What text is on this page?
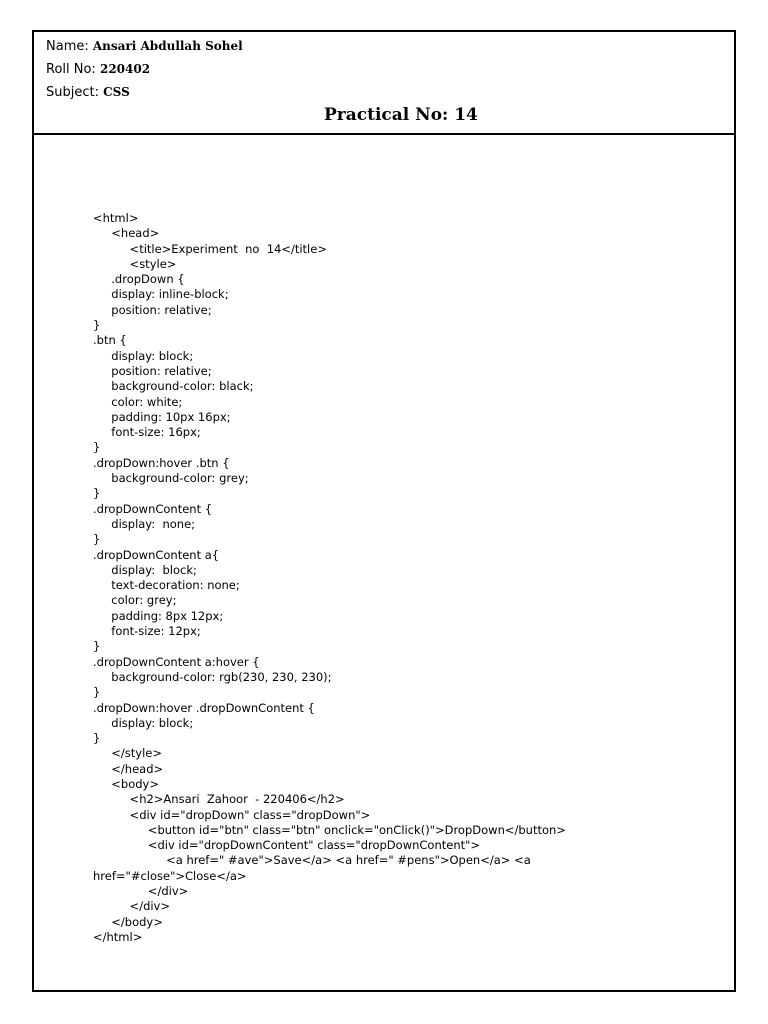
Name: Ansari Abdullah Sohel
Roll No: 220402
Subject: CSS
Practical No: 14
<html>
<head>
<title>Experiment  no  14</title>
<style>
.dropDown {
display: inline-block;
position: relative;
}
.btn {
display: block;
position: relative;
background-color: black;
color: white;
padding: 10px 16px;
font-size: 16px;
}
.dropDown:hover .btn {
background-color: grey;
}
.dropDownContent {
display:  none;
}
.dropDownContent a{
display:  block;
text-decoration: none;
color: grey;
padding: 8px 12px;
font-size: 12px;
}
.dropDownContent a:hover {
background-color: rgb(230, 230, 230);
}
.dropDown:hover .dropDownContent {
display: block;
}
</style>
</head>
<body>
<h2>Ansari  Zahoor  - 220406</h2>
<div id="dropDown" class="dropDown">
<button id="btn" class="btn" onclick="onClick()">DropDown</button>
<div id="dropDownContent" class="dropDownContent">
<a href=" #ave">Save</a> <a href=" #pens">Open</a> <a
href="#close">Close</a>
</div>
</div>
</body>
</html>
